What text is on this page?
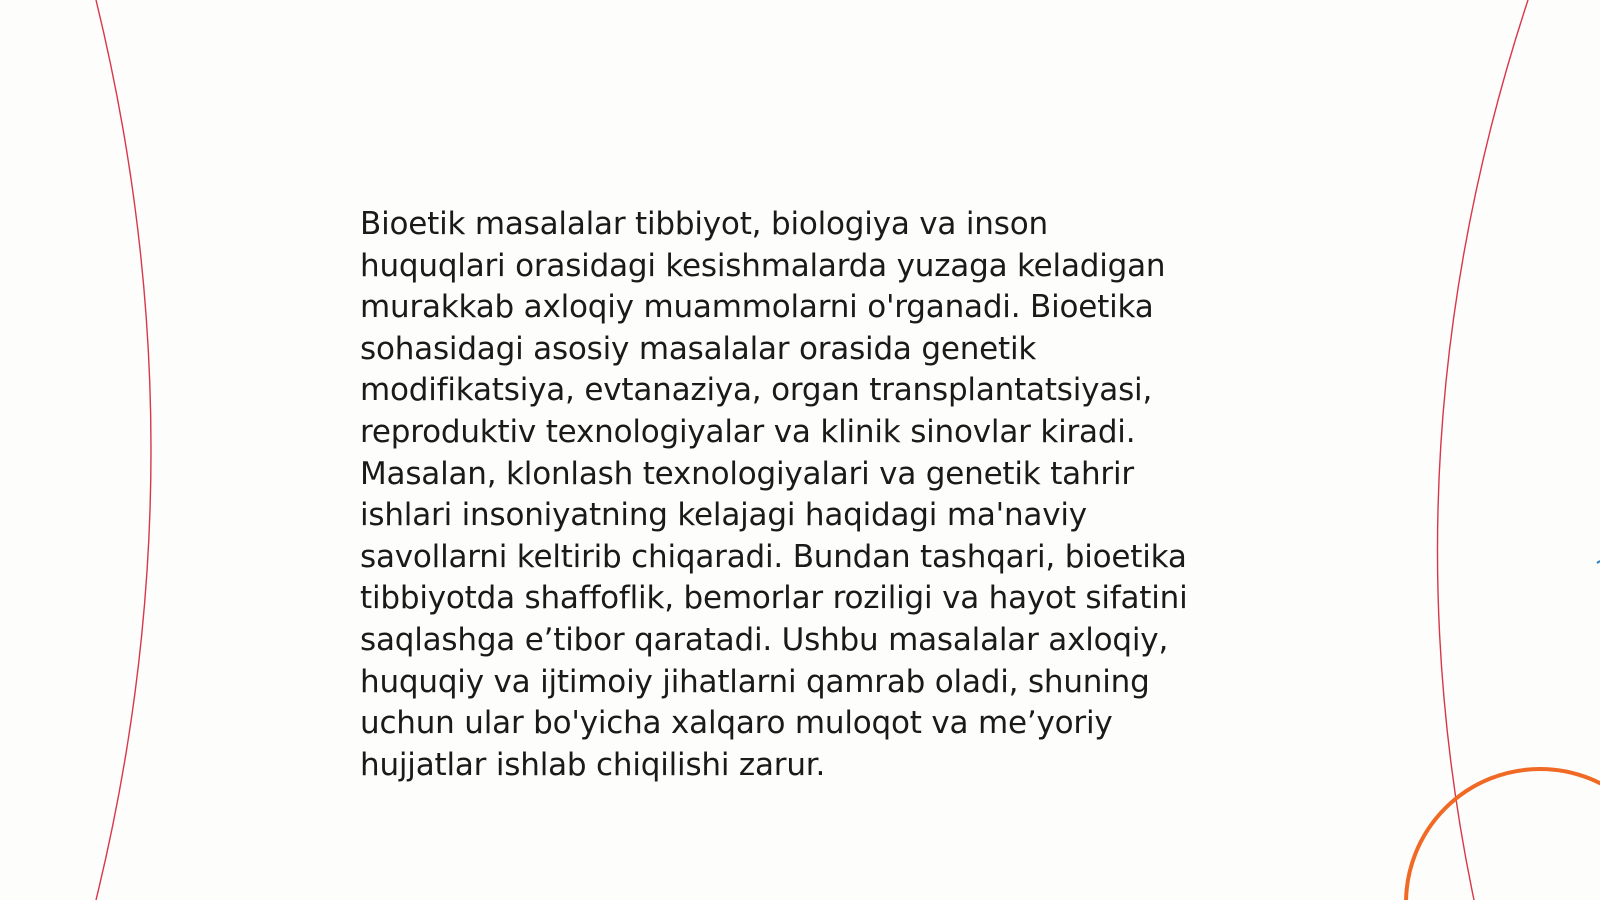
Bioetik masalalar tibbiyot, biologiya va inson
huquqlari orasidagi kesishmalarda yuzaga keladigan
murakkab axloqiy muammolarni o'rganadi. Bioetika
sohasidagi asosiy masalalar orasida genetik
modifikatsiya, evtanaziya, organ transplantatsiyasi,
reproduktiv texnologiyalar va klinik sinovlar kiradi.
Masalan, klonlash texnologiyalari va genetik tahrir
ishlari insoniyatning kelajagi haqidagi ma'naviy
savollarni keltirib chiqaradi. Bundan tashqari, bioetika
tibbiyotda shaffoflik, bemorlar roziligi va hayot sifatini
saqlashga e’tibor qaratadi. Ushbu masalalar axloqiy,
huquqiy va ijtimoiy jihatlarni qamrab oladi, shuning
uchun ular bo'yicha xalqaro muloqot va me’yoriy
hujjatlar ishlab chiqilishi zarur.
